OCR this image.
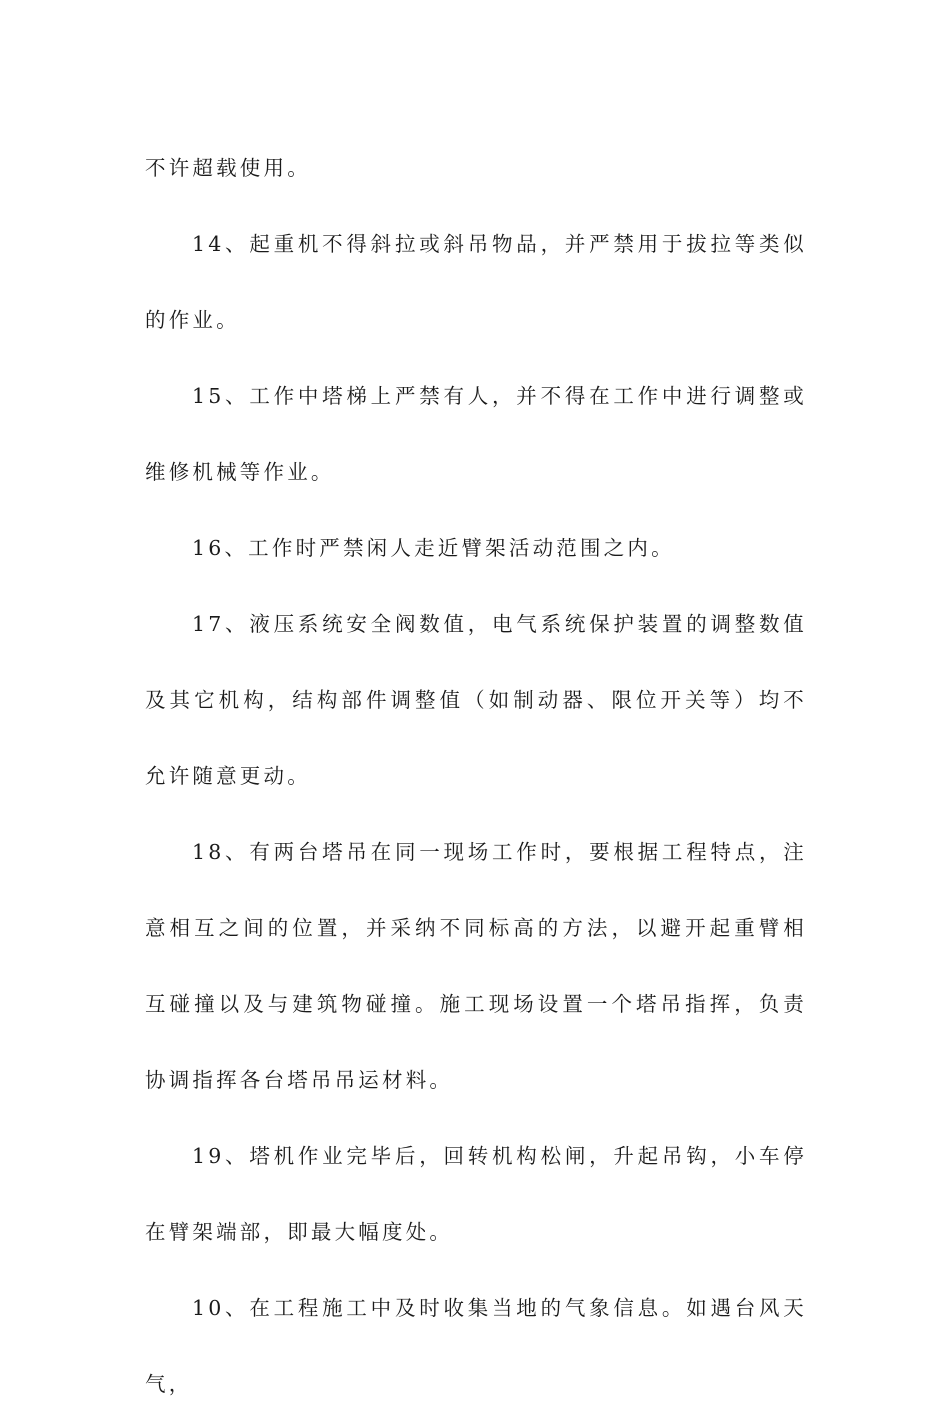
不许超载使用。

14、起重机不得斜拉或斜吊物品，并严禁用于拔拉等类似的作业。

15、工作中塔梯上严禁有人，并不得在工作中进行调整或维修机械等作业。

16、工作时严禁闲人走近臂架活动范围之内。

17、液压系统安全阀数值，电气系统保护装置的调整数值及其它机构，结构部件调整值（如制动器、限位开关等）均不允许随意更动。

18、有两台塔吊在同一现场工作时，要根据工程特点，注意相互之间的位置，并采纳不同标高的方法，以避开起重臂相互碰撞以及与建筑物碰撞。施工现场设置一个塔吊指挥，负责协调指挥各台塔吊吊运材料。

19、塔机作业完毕后，回转机构松闸，升起吊钩，小车停在臂架端部，即最大幅度处。

10、在工程施工中及时收集当地的气象信息。如遇台风天气，
